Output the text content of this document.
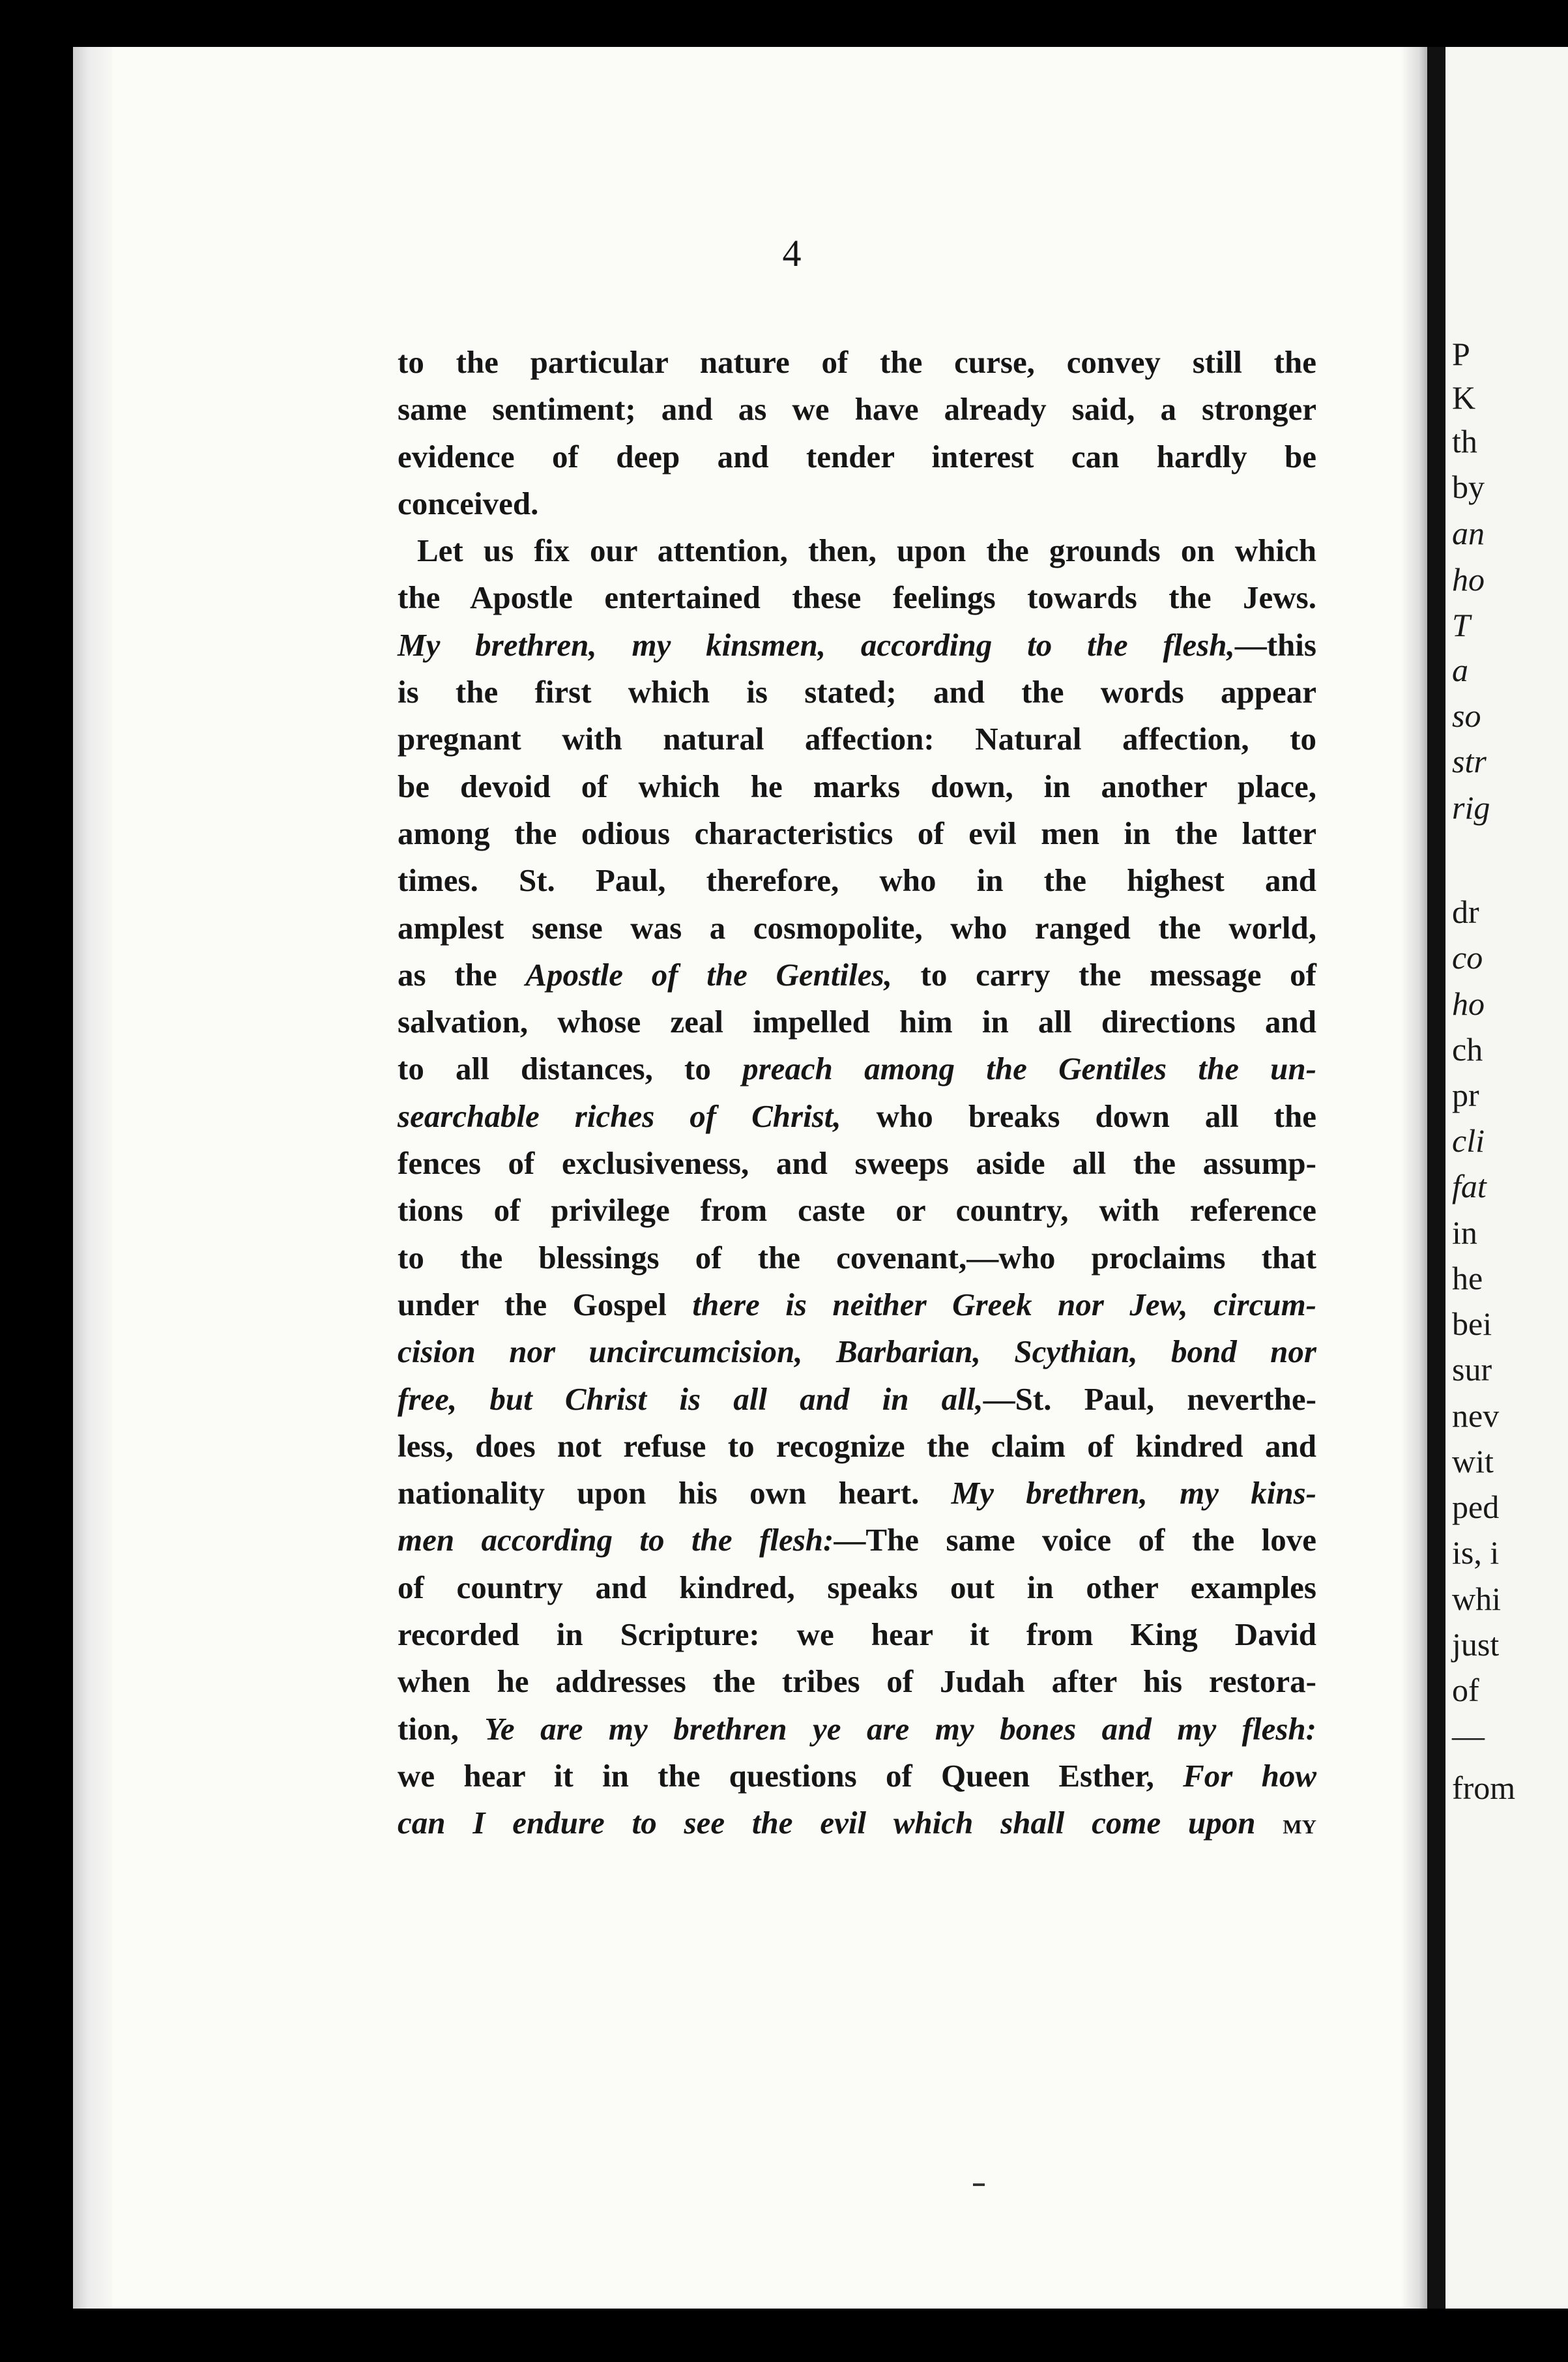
P
K
th
by
an
ho
T
a
so
str
rig
dr
co
ho
ch
pr
cli
fat
in
he
bei
sur
nev
wit
ped
is, i
whi
just
of
—
from
4
to the particular nature of the curse, convey still the
same sentiment; and as we have already said, a stronger
evidence of deep and tender interest can hardly be
conceived.
Let us fix our attention, then, upon the grounds on which
the Apostle entertained these feelings towards the Jews.
My brethren, my kinsmen, according to the flesh,—this
is the first which is stated; and the words appear
pregnant with natural affection: Natural affection, to
be devoid of which he marks down, in another place,
among the odious characteristics of evil men in the latter
times. St. Paul, therefore, who in the highest and
amplest sense was a cosmopolite, who ranged the world,
as the Apostle of the Gentiles, to carry the message of
salvation, whose zeal impelled him in all directions and
to all distances, to preach among the Gentiles the un-
searchable riches of Christ, who breaks down all the
fences of exclusiveness, and sweeps aside all the assump-
tions of privilege from caste or country, with reference
to the blessings of the covenant,—who proclaims that
under the Gospel there is neither Greek nor Jew, circum-
cision nor uncircumcision, Barbarian, Scythian, bond nor
free, but Christ is all and in all,—St. Paul, neverthe-
less, does not refuse to recognize the claim of kindred and
nationality upon his own heart. My brethren, my kins-
men according to the flesh:—The same voice of the love
of country and kindred, speaks out in other examples
recorded in Scripture: we hear it from King David
when he addresses the tribes of Judah after his restora-
tion, Ye are my brethren ye are my bones and my flesh:
we hear it in the questions of Queen Esther, For how
can I endure to see the evil which shall come upon my
